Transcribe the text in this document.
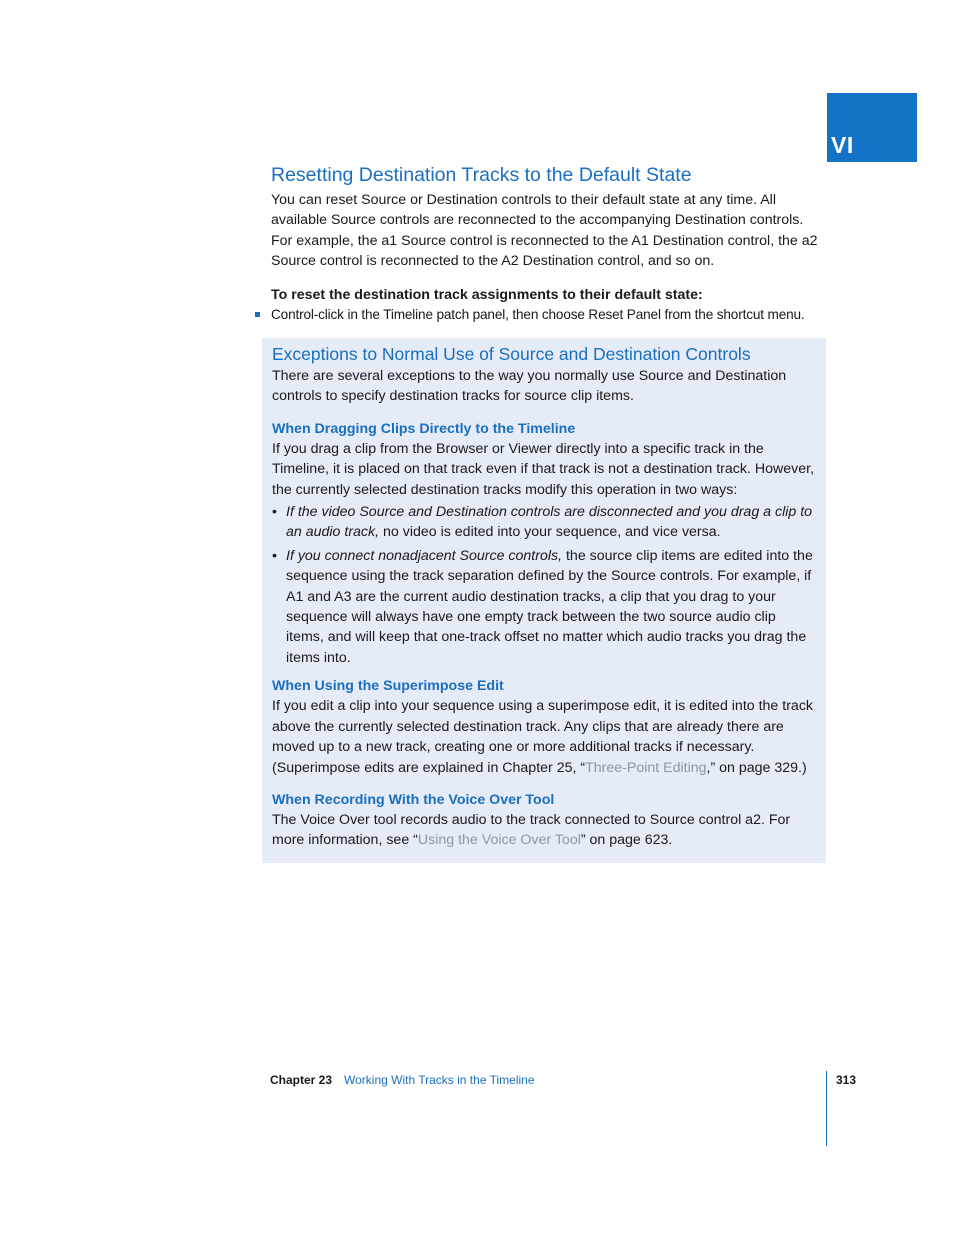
VI
Resetting Destination Tracks to the Default State

You can reset Source or Destination controls to their default state at any time. All available Source controls are reconnected to the accompanying Destination controls. For example, the a1 Source control is reconnected to the A1 Destination control, the a2 Source control is reconnected to the A2 Destination control, and so on.

To reset the destination track assignments to their default state:

Control-click in the Timeline patch panel, then choose Reset Panel from the shortcut menu.

Exceptions to Normal Use of Source and Destination Controls

There are several exceptions to the way you normally use Source and Destination controls to specify destination tracks for source clip items.

When Dragging Clips Directly to the Timeline

If you drag a clip from the Browser or Viewer directly into a specific track in the Timeline, it is placed on that track even if that track is not a destination track. However, the currently selected destination tracks modify this operation in two ways:

• If the video Source and Destination controls are disconnected and you drag a clip to an audio track, no video is edited into your sequence, and vice versa.
• If you connect nonadjacent Source controls, the source clip items are edited into the sequence using the track separation defined by the Source controls. For example, if A1 and A3 are the current audio destination tracks, a clip that you drag to your sequence will always have one empty track between the two source audio clip items, and will keep that one-track offset no matter which audio tracks you drag the items into.
When Using the Superimpose Edit

If you edit a clip into your sequence using a superimpose edit, it is edited into the track above the currently selected destination track. Any clips that are already there are moved up to a new track, creating one or more additional tracks if necessary. (Superimpose edits are explained in Chapter 25, “Three-Point Editing,” on page 329.)

When Recording With the Voice Over Tool

The Voice Over tool records audio to the track connected to Source control a2. For more information, see “Using the Voice Over Tool” on page 623.

Chapter 23 Working With Tracks in the Timeline	313
